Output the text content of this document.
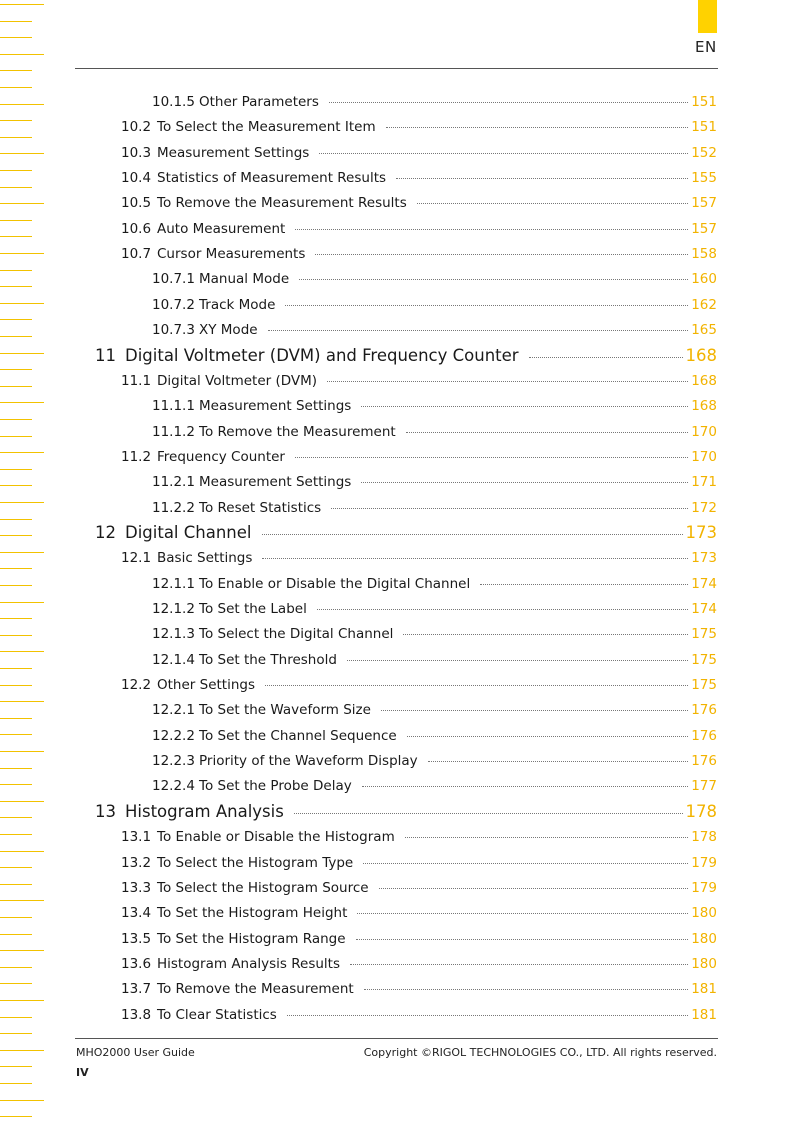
EN
10.1.5 Other Parameters	151
10.2 To Select the Measurement Item	151
10.3 Measurement Settings	152
10.4 Statistics of Measurement Results	155
10.5 To Remove the Measurement Results	157
10.6 Auto Measurement	157
10.7 Cursor Measurements	158
10.7.1 Manual Mode	160
10.7.2 Track Mode	162
10.7.3 XY Mode	165
11 Digital Voltmeter (DVM) and Frequency Counter	168
11.1 Digital Voltmeter (DVM)	168
11.1.1 Measurement Settings	168
11.1.2 To Remove the Measurement	170
11.2 Frequency Counter	170
11.2.1 Measurement Settings	171
11.2.2 To Reset Statistics	172
12 Digital Channel	173
12.1 Basic Settings	173
12.1.1 To Enable or Disable the Digital Channel	174
12.1.2 To Set the Label	174
12.1.3 To Select the Digital Channel	175
12.1.4 To Set the Threshold	175
12.2 Other Settings	175
12.2.1 To Set the Waveform Size	176
12.2.2 To Set the Channel Sequence	176
12.2.3 Priority of the Waveform Display	176
12.2.4 To Set the Probe Delay	177
13 Histogram Analysis	178
13.1 To Enable or Disable the Histogram	178
13.2 To Select the Histogram Type	179
13.3 To Select the Histogram Source	179
13.4 To Set the Histogram Height	180
13.5 To Set the Histogram Range	180
13.6 Histogram Analysis Results	180
13.7 To Remove the Measurement	181
13.8 To Clear Statistics	181
MHO2000 User Guide	Copyright ©RIGOL TECHNOLOGIES CO., LTD. All rights reserved.
IV
